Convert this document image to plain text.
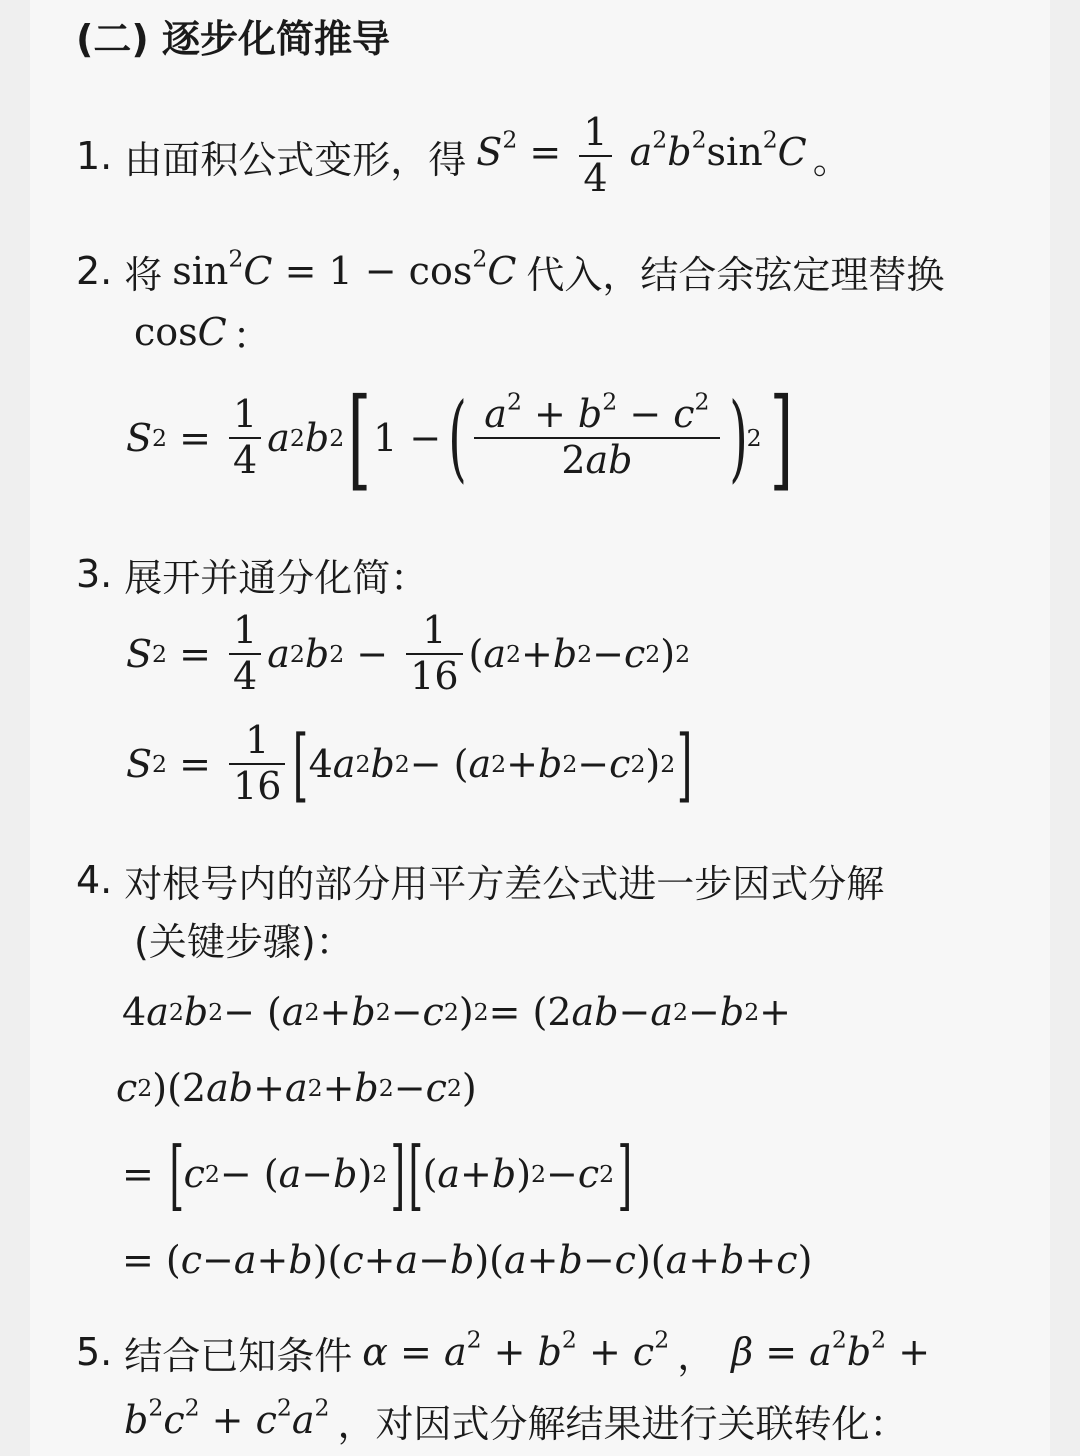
(二) 逐步化简推导
1. 由面积公式变形，得 $S^2 = \frac{1}{4} a^2b^2\sin^2C$ 。
2. 将 $\sin^2C = 1 - \cos^2C$ 代入，结合余弦定理替换
cosC ：
S $2 = \frac{1}{4}$ a 2 b 2 [ 1 − ( $\frac{a^2 + b^2 - c^2}{2ab}$ ) 2 ]
3. 展开并通分化简：
S $2 = \frac{1}{4}$ a 2 b $2 - \frac{1}{16}$ ( a 2 + b 2 − c 2 ) 2
S $2 = \frac{1}{16}$ [ 4 a 2 b 2 − ( a 2 + b 2 − c 2 ) 2 ]
4. 对根号内的部分用平方差公式进一步因式分解
(关键步骤)：
4 a 2 b 2 − ( a 2 + b 2 − c 2 ) 2 = (2 ab − a 2 − b 2 +
c 2 )(2 ab + a 2 + b 2 − c 2 )
= [ c 2 − ( a − b ) 2 ] [ ( a + b ) 2 − c 2 ]
= ( c − a + b )( c + a − b )( a + b − c )( a + b + c )
5. 结合已知条件 $\alpha = a^2 + b^2 + c^2$ ， $\beta = a^2b^2$ +
$b^2c^2 + c^2a^2$ ，对因式分解结果进行关联转化：
